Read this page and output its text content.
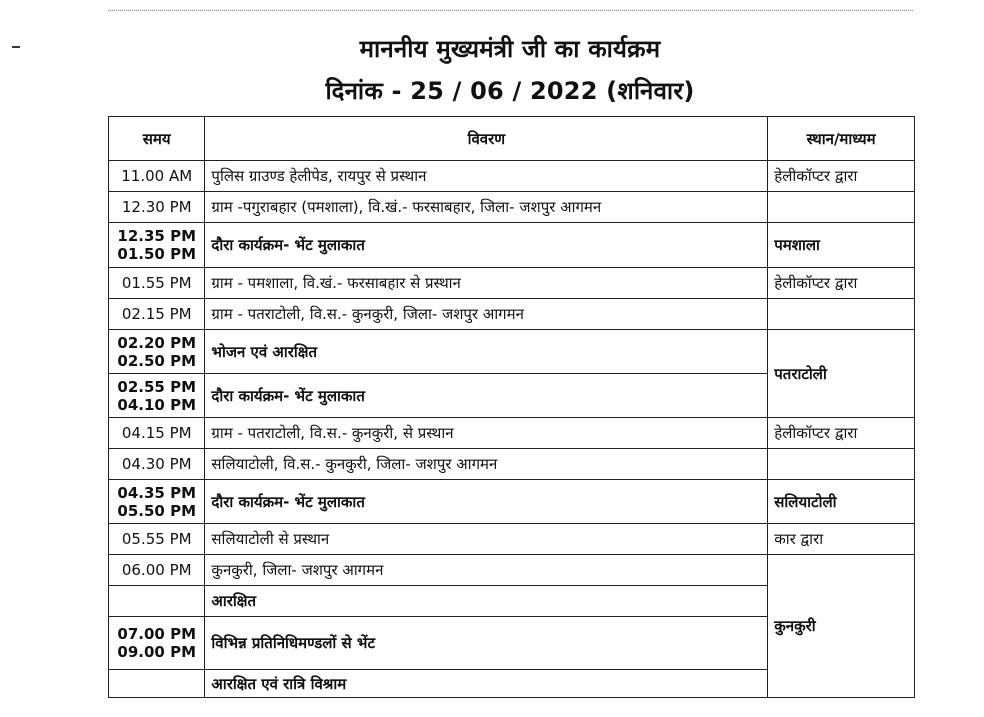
माननीय मुख्यमंत्री जी का कार्यक्रम
दिनांक - 25 / 06 / 2022 (शनिवार)
समय	विवरण	स्थान/माध्यम

11.00 AM	पुलिस ग्राउण्ड हेलीपेड, रायपुर से प्रस्थान	हेलीकॉप्टर द्वारा

12.30 PM	ग्राम -पगुराबहार (पमशाला), वि.खं.- फरसाबहार, जिला- जशपुर आगमन	

12.35 PM
01.50 PM	दौरा कार्यक्रम- भेंट मुलाकात	पमशाला

01.55 PM	ग्राम - पमशाला, वि.खं.- फरसाबहार से प्रस्थान	हेलीकॉप्टर द्वारा

02.15 PM	ग्राम - पतराटोली, वि.स.- कुनकुरी, जिला- जशपुर आगमन	

02.20 PM
02.50 PM	भोजन एवं आरक्षित	पतराटोली

02.55 PM
04.10 PM	दौरा कार्यक्रम- भेंट मुलाकात	

04.15 PM	ग्राम - पतराटोली, वि.स.- कुनकुरी, से प्रस्थान	हेलीकॉप्टर द्वारा

04.30 PM	सलियाटोली, वि.स.- कुनकुरी, जिला- जशपुर आगमन	

04.35 PM
05.50 PM	दौरा कार्यक्रम- भेंट मुलाकात	सलियाटोली

05.55 PM	सलियाटोली से प्रस्थान	कार द्वारा

06.00 PM	कुनकुरी, जिला- जशपुर आगमन	कुनकुरी
	आरक्षित	

07.00 PM
09.00 PM	विभिन्न प्रतिनिधिमण्डलों से भेंट	
	आरक्षित एवं रात्रि विश्राम	
